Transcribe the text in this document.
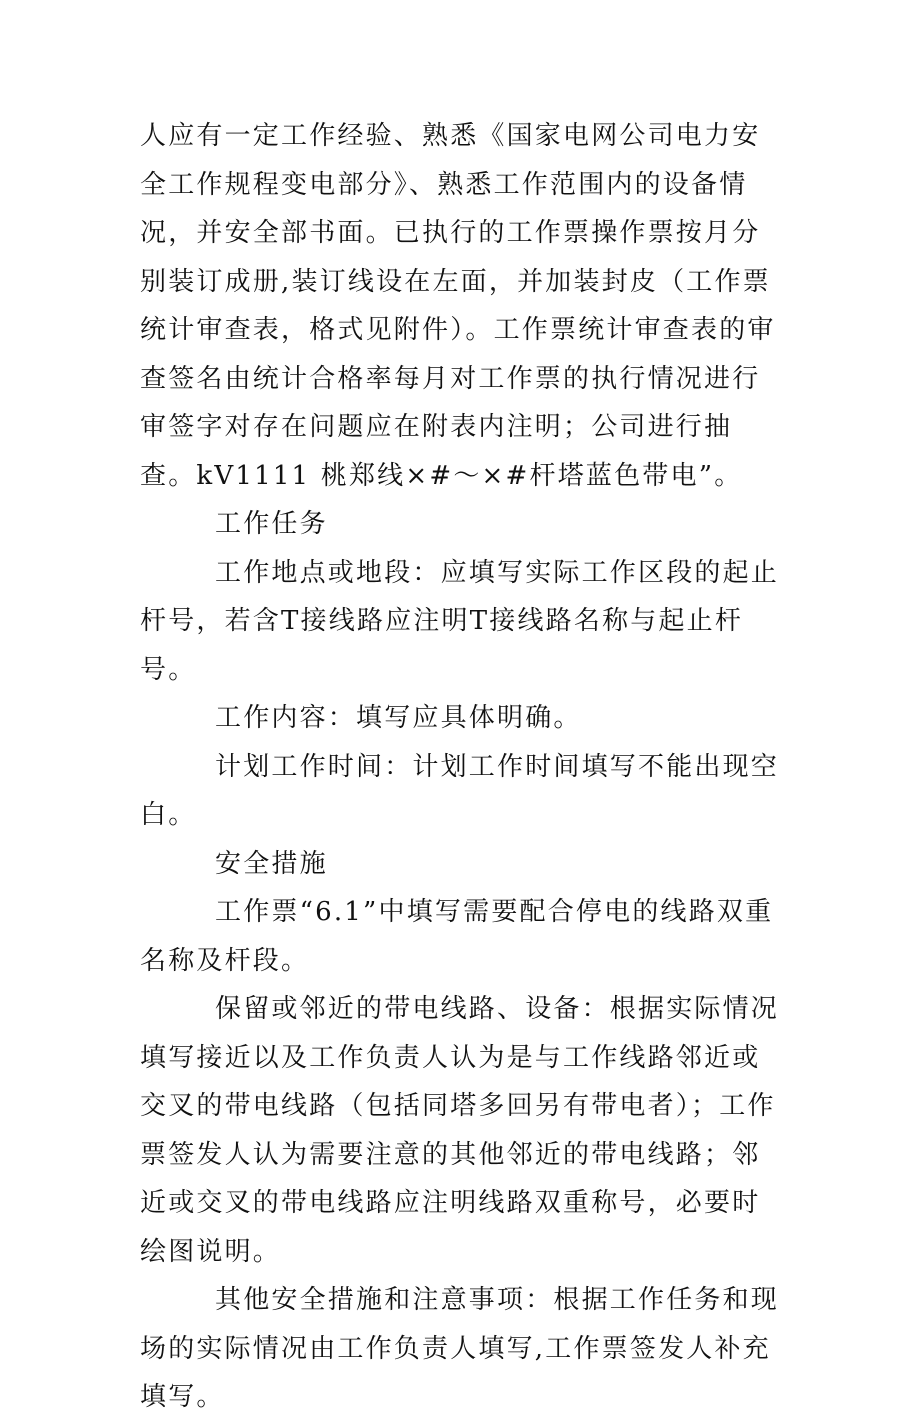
人应有一定工作经验、熟悉《国家电网公司电力安全工作规程变电部分》、熟悉工作范围内的设备情况，并安全部书面。已执行的工作票操作票按月分别装订成册,装订线设在左面，并加装封皮（工作票统计审查表，格式见附件）。工作票统计审查表的审查签名由统计合格率每月对工作票的执行情况进行审签字对存在问题应在附表内注明；公司进行抽查。kV1111 桃郑线×#～×#杆塔蓝色带电”。

工作任务

工作地点或地段：应填写实际工作区段的起止杆号，若含T接线路应注明T接线路名称与起止杆号。

工作内容：填写应具体明确。

计划工作时间：计划工作时间填写不能出现空白。

安全措施

工作票“6.1”中填写需要配合停电的线路双重名称及杆段。

保留或邻近的带电线路、设备：根据实际情况填写接近以及工作负责人认为是与工作线路邻近或交叉的带电线路（包括同塔多回另有带电者）；工作票签发人认为需要注意的其他邻近的带电线路；邻近或交叉的带电线路应注明线路双重称号，必要时绘图说明。

其他安全措施和注意事项：根据工作任务和现场的实际情况由工作负责人填写,工作票签发人补充填写。
